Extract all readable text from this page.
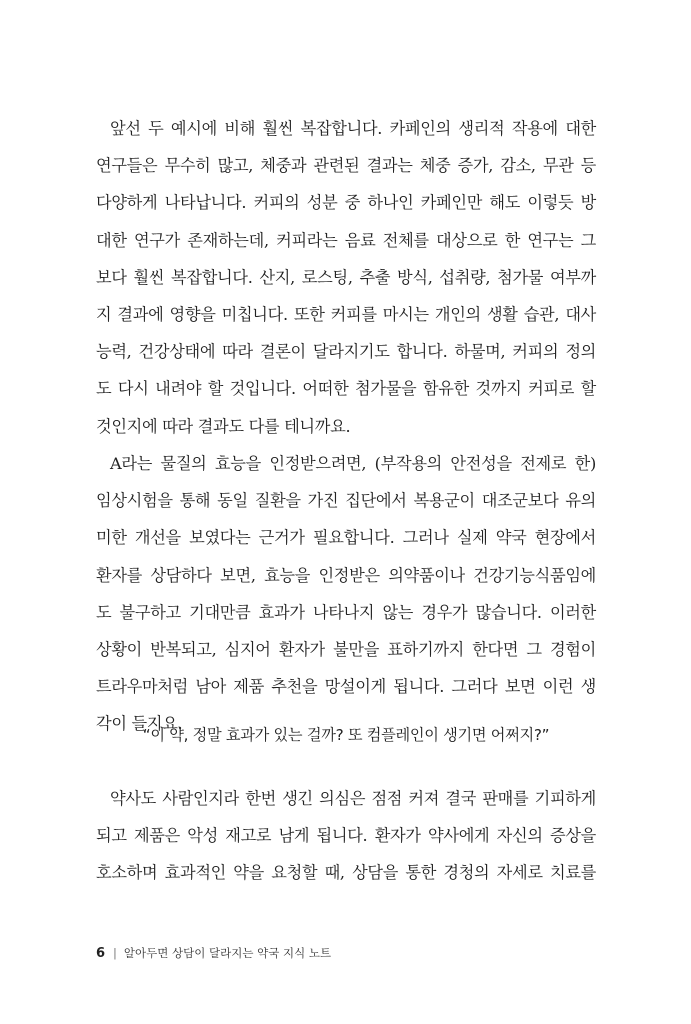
앞선 두 예시에 비해 훨씬 복잡합니다. 카페인의 생리적 작용에 대한
연구들은 무수히 많고, 체중과 관련된 결과는 체중 증가, 감소, 무관 등
다양하게 나타납니다. 커피의 성분 중 하나인 카페인만 해도 이렇듯 방
대한 연구가 존재하는데, 커피라는 음료 전체를 대상으로 한 연구는 그
보다 훨씬 복잡합니다. 산지, 로스팅, 추출 방식, 섭취량, 첨가물 여부까
지 결과에 영향을 미칩니다. 또한 커피를 마시는 개인의 생활 습관, 대사
능력, 건강상태에 따라 결론이 달라지기도 합니다. 하물며, 커피의 정의
도 다시 내려야 할 것입니다. 어떠한 첨가물을 함유한 것까지 커피로 할
것인지에 따라 결과도 다를 테니까요.
A라는 물질의 효능을 인정받으려면, (부작용의 안전성을 전제로 한)
임상시험을 통해 동일 질환을 가진 집단에서 복용군이 대조군보다 유의
미한 개선을 보였다는 근거가 필요합니다. 그러나 실제 약국 현장에서
환자를 상담하다 보면, 효능을 인정받은 의약품이나 건강기능식품임에
도 불구하고 기대만큼 효과가 나타나지 않는 경우가 많습니다. 이러한
상황이 반복되고, 심지어 환자가 불만을 표하기까지 한다면 그 경험이
트라우마처럼 남아 제품 추천을 망설이게 됩니다. 그러다 보면 이런 생
각이 들지요.
“이 약, 정말 효과가 있는 걸까? 또 컴플레인이 생기면 어쩌지?”
약사도 사람인지라 한번 생긴 의심은 점점 커져 결국 판매를 기피하게
되고 제품은 악성 재고로 남게 됩니다. 환자가 약사에게 자신의 증상을
호소하며 효과적인 약을 요청할 때, 상담을 통한 경청의 자세로 치료를
6 | 알아두면 상담이 달라지는 약국 지식 노트
